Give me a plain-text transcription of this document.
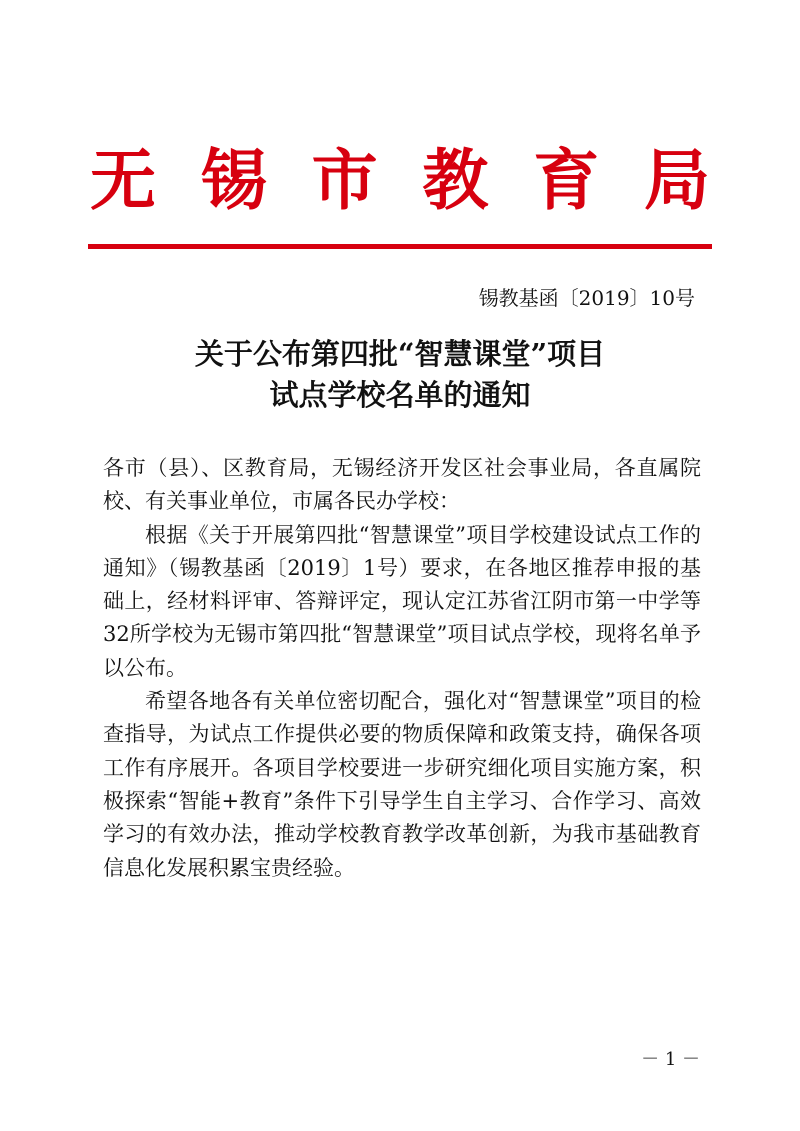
无 锡 市 教 育 局
锡教基函〔2019〕10号
关于公布第四批“智慧课堂”项目
试点学校名单的通知

各市（县）、区教育局，无锡经济开发区社会事业局，各直属院校、有关事业单位，市属各民办学校：

根据《关于开展第四批“智慧课堂”项目学校建设试点工作的通知》（锡教基函〔2019〕1号）要求，在各地区推荐申报的基础上，经材料评审、答辩评定，现认定江苏省江阴市第一中学等32所学校为无锡市第四批“智慧课堂”项目试点学校，现将名单予以公布。

希望各地各有关单位密切配合，强化对“智慧课堂”项目的检查指导，为试点工作提供必要的物质保障和政策支持，确保各项工作有序展开。各项目学校要进一步研究细化项目实施方案，积极探索“智能+教育”条件下引导学生自主学习、合作学习、高效学习的有效办法，推动学校教育教学改革创新，为我市基础教育信息化发展积累宝贵经验。

－ 1 －
